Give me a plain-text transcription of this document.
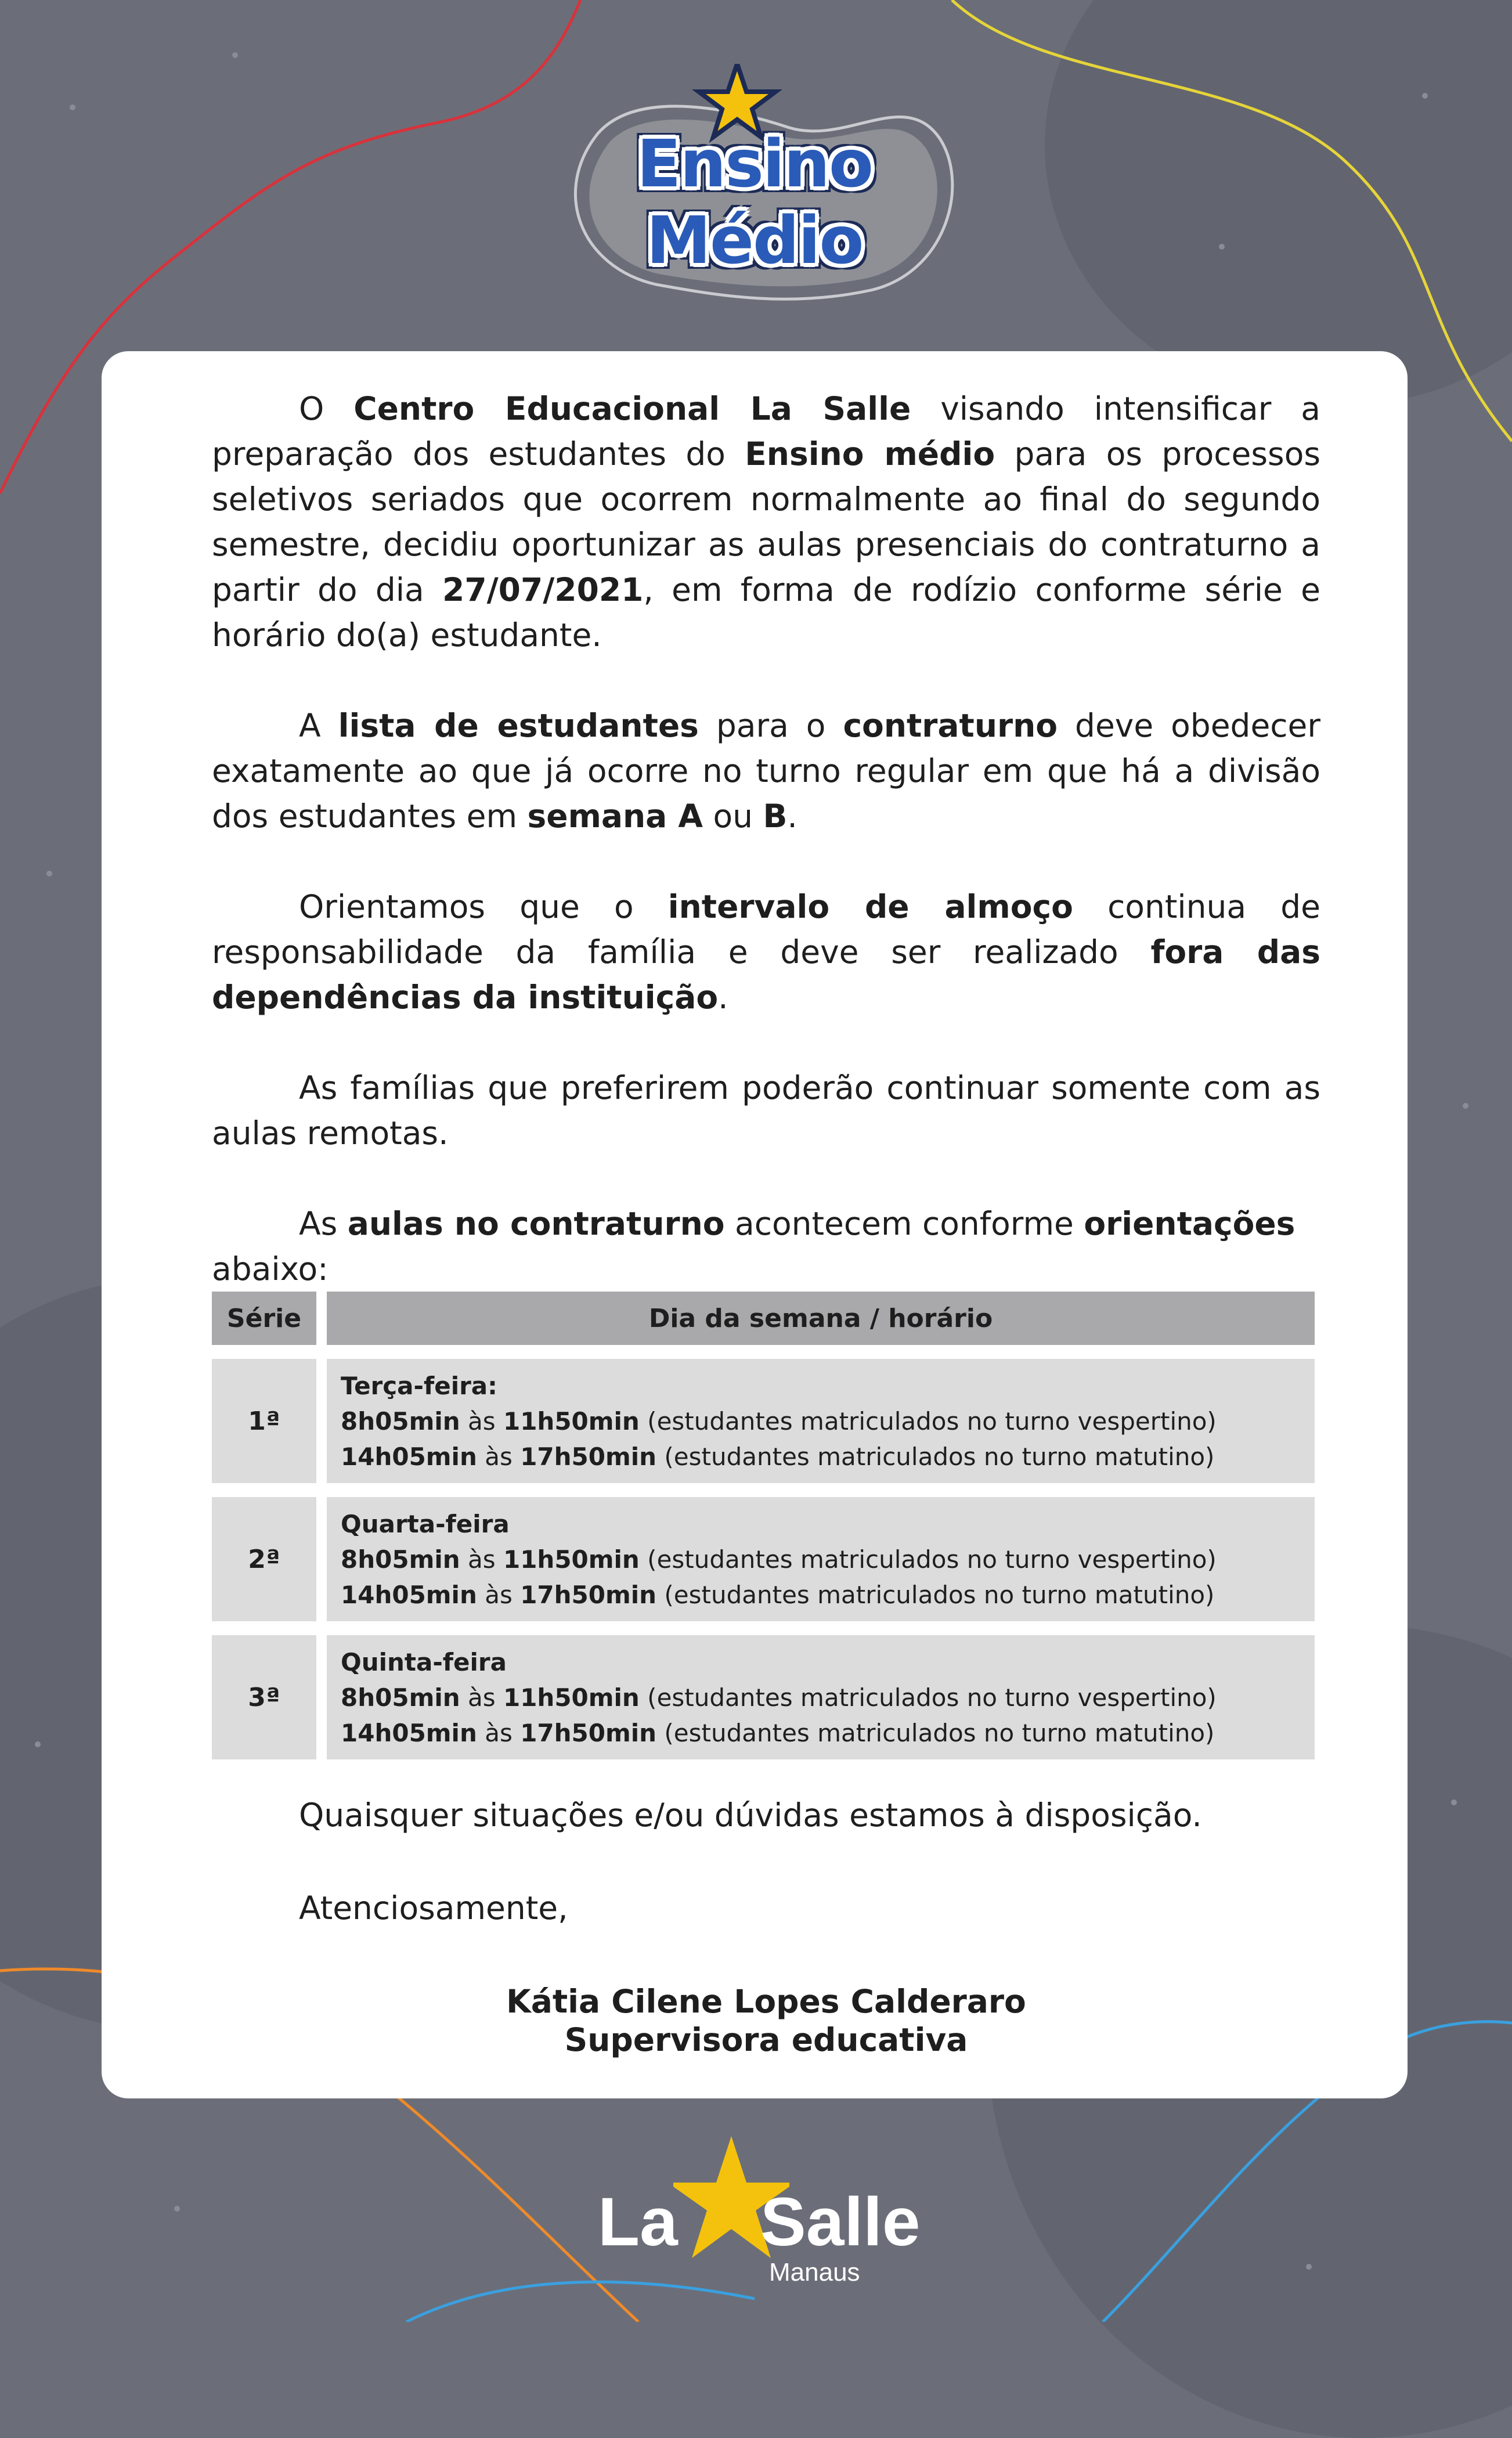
Ensino
Médio

O Centro Educacional La Salle visando intensificar a preparação dos estudantes do Ensino médio para os processos seletivos seriados que ocorrem normalmente ao final do segundo semestre, decidiu oportunizar as aulas presenciais do contraturno a partir do dia 27/07/2021, em forma de rodízio conforme série e horário do(a) estudante.

A lista de estudantes para o contraturno deve obedecer exatamente ao que já ocorre no turno regular em que há a divisão dos estudantes em semana A ou B.

Orientamos que o intervalo de almoço continua de responsabilidade da família e deve ser realizado fora das dependências da instituição.

As famílias que preferirem poderão continuar somente com as aulas remotas.

As aulas no contraturno acontecem conforme orientações abaixo:

Série	Dia da semana / horário
1ª
Terça-feira:
8h05min às 11h50min (estudantes matriculados no turno vespertino)
14h05min às 17h50min (estudantes matriculados no turno matutino)
2ª
Quarta-feira
8h05min às 11h50min (estudantes matriculados no turno vespertino)
14h05min às 17h50min (estudantes matriculados no turno matutino)
3ª
Quinta-feira
8h05min às 11h50min (estudantes matriculados no turno vespertino)
14h05min às 17h50min (estudantes matriculados no turno matutino)
Quaisquer situações e/ou dúvidas estamos à disposição.
Atenciosamente,
Kátia Cilene Lopes Calderaro
Supervisora educativa
La Salle
Manaus
